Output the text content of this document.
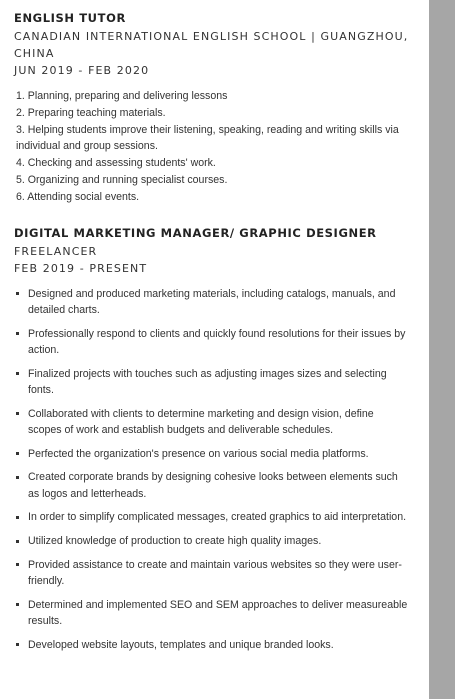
ENGLISH TUTOR
CANADIAN INTERNATIONAL ENGLISH SCHOOL | GUANGZHOU, CHINA
JUN 2019 - FEB 2020
1. Planning, preparing and delivering lessons
2. Preparing teaching materials.
3. Helping students improve their listening, speaking, reading and writing skills via individual and group sessions.
4. Checking and assessing students' work.
5. Organizing and running specialist courses.
6. Attending social events.
DIGITAL MARKETING MANAGER/ GRAPHIC DESIGNER
FREELANCER
FEB 2019 - PRESENT
Designed and produced marketing materials, including catalogs, manuals, and detailed charts.
Professionally respond to clients and quickly found resolutions for their issues by action.
Finalized projects with touches such as adjusting images sizes and selecting fonts.
Collaborated with clients to determine marketing and design vision, define scopes of work and establish budgets and deliverable schedules.
Perfected the organization's presence on various social media platforms.
Created corporate brands by designing cohesive looks between elements such as logos and letterheads.
In order to simplify complicated messages, created graphics to aid interpretation.
Utilized knowledge of production to create high quality images.
Provided assistance to create and maintain various websites so they were user-friendly.
Determined and implemented SEO and SEM approaches to deliver measureable results.
Developed website layouts, templates and unique branded looks.
